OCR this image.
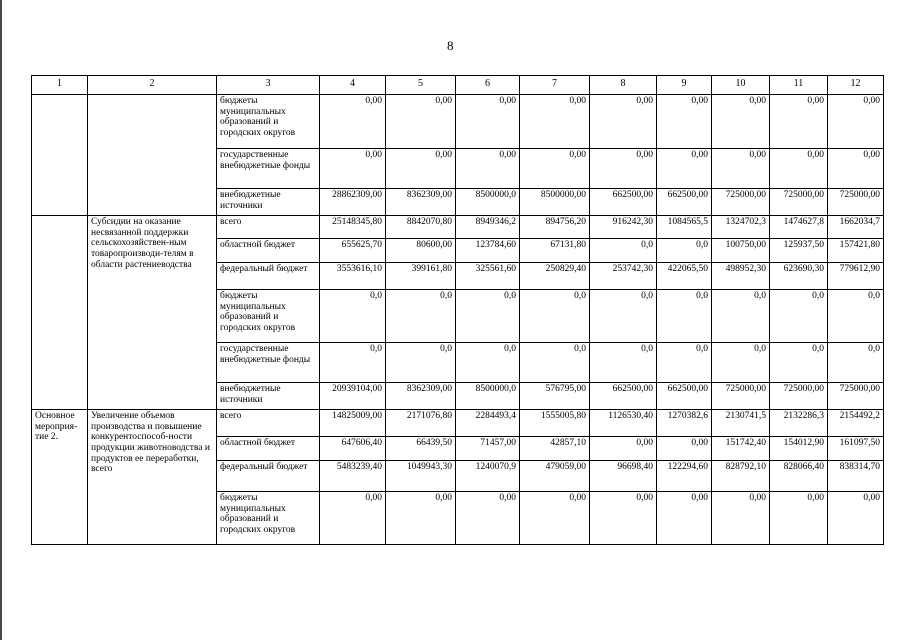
8
1	2	3	4	5	6	7	8	9	10	11	12
		бюджеты муниципальных образований и городских округов	0,00	0,00	0,00	0,00	0,00	0,00	0,00	0,00	0,00
		государственные внебюджетные фонды	0,00	0,00	0,00	0,00	0,00	0,00	0,00	0,00	0,00
		внебюджетные источники	28862309,00	8362309,00	8500000,0	8500000,00	662500,00	662500,00	725000,00	725000,00	725000,00
	Субсидии на оказание несвязанной поддержки сельскохозяйствен-ным товаропроизводи-телям в области растениеводства	всего	25148345,80	8842070,80	8949346,2	894756,20	916242,30	1084565,5	1324702,3	1474627,8	1662034,7
		областной бюджет	655625,70	80600,00	123784,60	67131,80	0,0	0,0	100750,00	125937,50	157421,80
		федеральный бюджет	3553616,10	399161,80	325561,60	250829,40	253742,30	422065,50	498952,30	623690,30	779612,90
		бюджеты муниципальных образований и городских округов	0,0	0,0	0,0	0,0	0,0	0,0	0,0	0,0	0,0
		государственные внебюджетные фонды	0,0	0,0	0,0	0,0	0,0	0,0	0,0	0,0	0,0
		внебюджетные источники	20939104,00	8362309,00	8500000,0	576795,00	662500,00	662500,00	725000,00	725000,00	725000,00
Основное мероприя-тие 2.	Увеличение объемов производства и повышение конкурентоспособ-ности продукции животноводства и продуктов ее переработки, всего	всего	14825009,00	2171076,80	2284493,4	1555005,80	1126530,40	1270382,6	2130741,5	2132286,3	2154492,2
		областной бюджет	647606,40	66439,50	71457,00	42857,10	0,00	0,00	151742,40	154012,90	161097,50
		федеральный бюджет	5483239,40	1049943,30	1240070,9	479059,00	96698,40	122294,60	828792,10	828066,40	838314,70
		бюджеты муниципальных образований и городских округов	0,00	0,00	0,00	0,00	0,00	0,00	0,00	0,00	0,00
